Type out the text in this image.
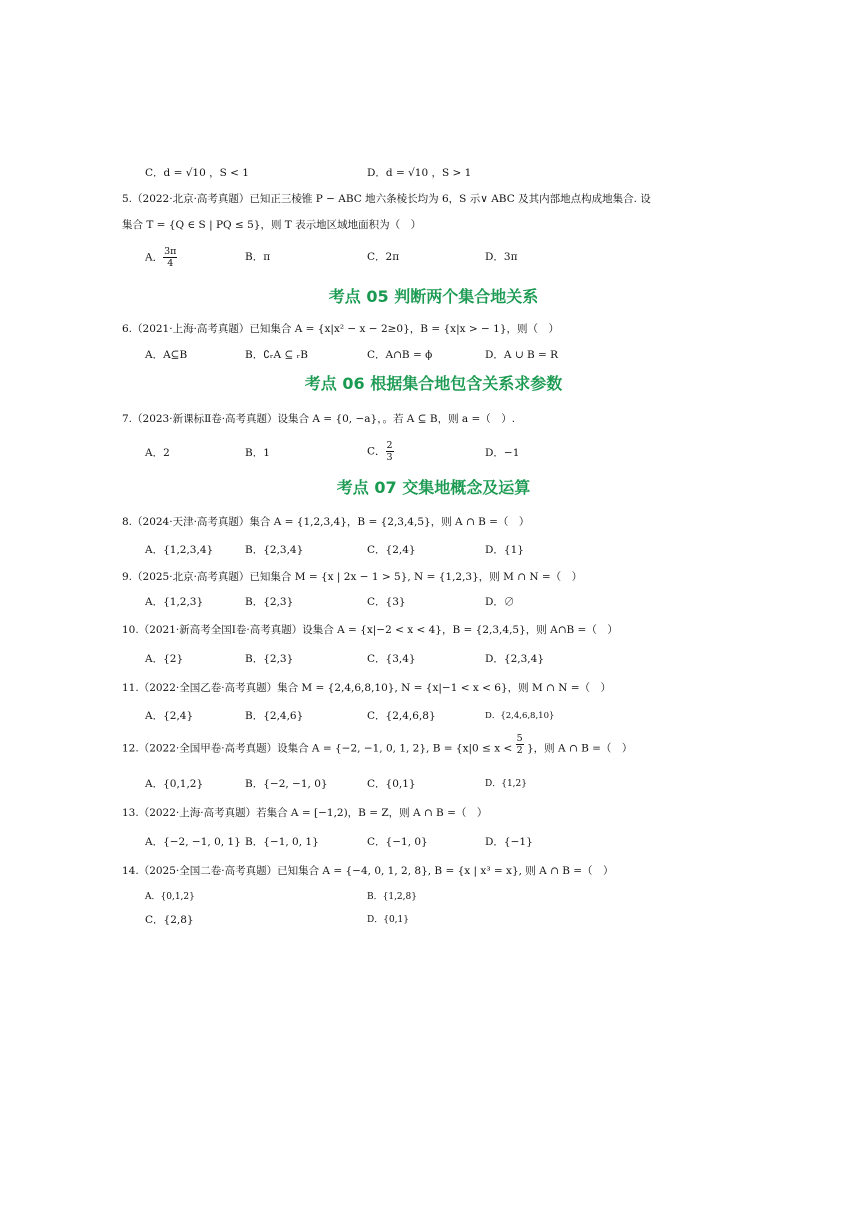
C．d = √10 ，S < 1	D．d = √10 ，S > 1
5.（2022·北京·高考真题）已知正三棱锥 P − ABC 地六条棱长均为 6，S 示∨ ABC 及其内部地点构成地集合. 设
集合 T = {Q ∈ S | PQ ≤ 5}，则 T 表示地区域地面积为（　）
A． $\frac{3\pi}{4}$	B．π	C．2π	D．3π
考点 05 判断两个集合地关系
6.（2021·上海·高考真题）已知集合 A = {x|x² − x − 2≥0}，B = {x|x > − 1}，则（　）
A．A⊆B	B．∁ᵣA ⊆ ᵣB	C．A∩B = ϕ	D．A ∪ B = R
考点 06 根据集合地包含关系求参数
7.（2023·新课标Ⅱ卷·高考真题）设集合 A = {0, −a}，。若 A ⊆ B，则 a =（　）.
A．2	B．1	C． $\frac{2}{3}$	D．−1
考点 07 交集地概念及运算
8.（2024·天津·高考真题）集合 A = {1,2,3,4}，B = {2,3,4,5}，则 A ∩ B =（　）
A．{1,2,3,4}	B．{2,3,4}	C．{2,4}	D．{1}
9.（2025·北京·高考真题）已知集合 M = {x | 2x − 1 > 5}, N = {1,2,3}，则 M ∩ N =（　）
A．{1,2,3}	B．{2,3}	C．{3}	D．∅
10.（2021·新高考全国Ⅰ卷·高考真题）设集合 A = {x|−2 < x < 4}，B = {2,3,4,5}，则 A∩B =（　）
A．{2}	B．{2,3}	C．{3,4}	D．{2,3,4}
11.（2022·全国乙卷·高考真题）集合 M = {2,4,6,8,10}, N = {x|−1 < x < 6}，则 M ∩ N =（　）
A．{2,4}	B．{2,4,6}	C．{2,4,6,8}	D．{2,4,6,8,10}
12.（2022·全国甲卷·高考真题）设集合 A = {−2, −1, 0, 1, 2}, $B = \{x|0 \le x < \frac{5}{2}$ }，则 A ∩ B =（　）
A．{0,1,2}	B．{−2, −1, 0}	C．{0,1}	D．{1,2}
13.（2022·上海·高考真题）若集合 A = [−1,2)，B = Z，则 A ∩ B =（　）
A．{−2, −1, 0, 1} B．{−1, 0, 1}	C．{−1, 0}	D．{−1}
14.（2025·全国二卷·高考真题）已知集合 A = {−4, 0, 1, 2, 8}, B = {x | x³ = x}, 则 A ∩ B =（　）
A．{0,1,2}	B．{1,2,8}
C．{2,8}	D．{0,1}
